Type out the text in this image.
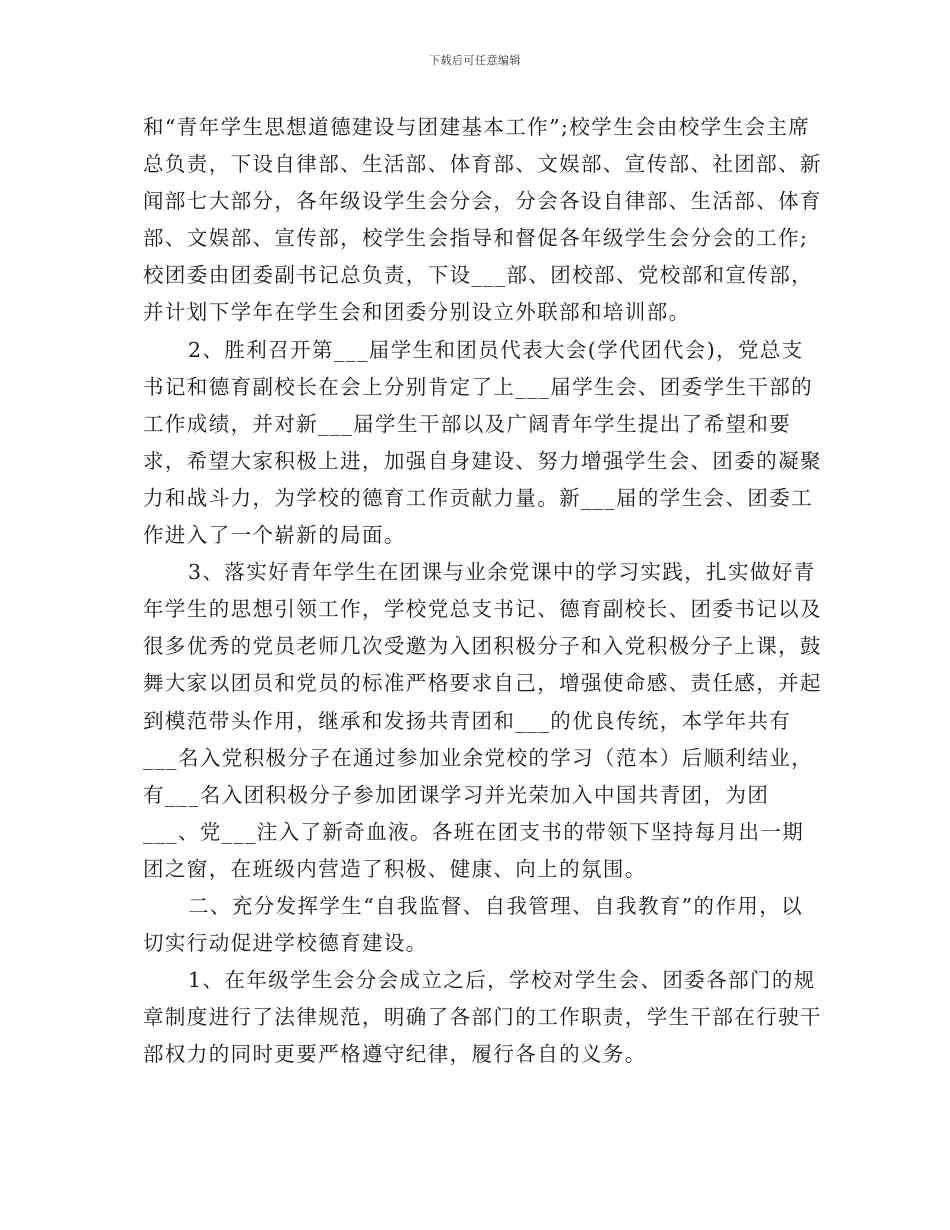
下载后可任意编辑

和“青年学生思想道德建设与团建基本工作”;校学生会由校学生会主席总负责，下设自律部、生活部、体育部、文娱部、宣传部、社团部、新闻部七大部分，各年级设学生会分会，分会各设自律部、生活部、体育部、文娱部、宣传部，校学生会指导和督促各年级学生会分会的工作;校团委由团委副书记总负责，下设___部、团校部、党校部和宣传部，并计划下学年在学生会和团委分别设立外联部和培训部。

2、胜利召开第___届学生和团员代表大会(学代团代会)，党总支书记和德育副校长在会上分别肯定了上___届学生会、团委学生干部的工作成绩，并对新___届学生干部以及广阔青年学生提出了希望和要求，希望大家积极上进，加强自身建设、努力增强学生会、团委的凝聚力和战斗力，为学校的德育工作贡献力量。新___届的学生会、团委工作进入了一个崭新的局面。

3、落实好青年学生在团课与业余党课中的学习实践，扎实做好青年学生的思想引领工作，学校党总支书记、德育副校长、团委书记以及很多优秀的党员老师几次受邀为入团积极分子和入党积极分子上课，鼓舞大家以团员和党员的标准严格要求自己，增强使命感、责任感，并起到模范带头作用，继承和发扬共青团和___的优良传统，本学年共有___名入党积极分子在通过参加业余党校的学习（范本）后顺利结业，有___名入团积极分子参加团课学习并光荣加入中国共青团，为团___、党___注入了新奇血液。各班在团支书的带领下坚持每月出一期团之窗，在班级内营造了积极、健康、向上的氛围。

二、充分发挥学生“自我监督、自我管理、自我教育”的作用，以切实行动促进学校德育建设。

1、在年级学生会分会成立之后，学校对学生会、团委各部门的规章制度进行了法律规范，明确了各部门的工作职责，学生干部在行驶干部权力的同时更要严格遵守纪律，履行各自的义务。
